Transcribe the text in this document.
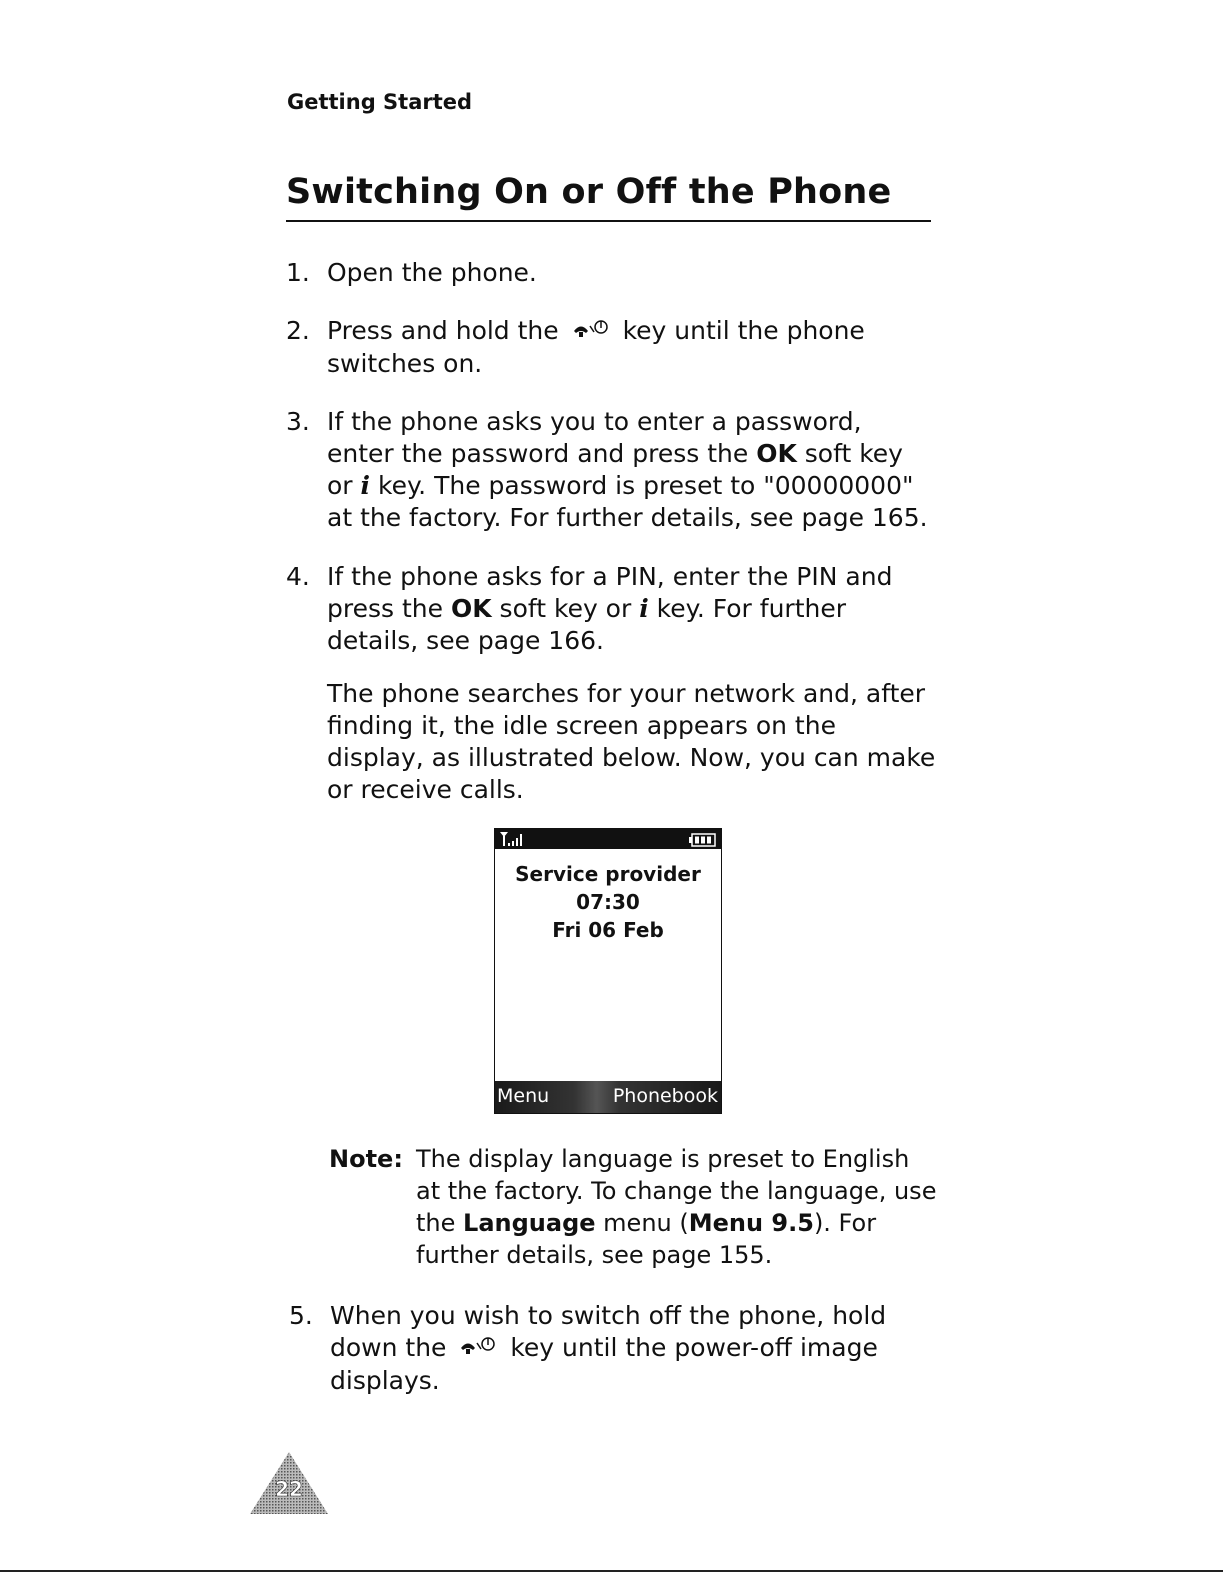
Getting Started
Switching On or Off the Phone
1. Open the phone.
2. Press and hold the	key until the phone switches on.
3. If the phone asks you to enter a password, enter the password and press the OK soft key or i key. The password is preset to "00000000" at the factory. For further details, see page 165.
4. If the phone asks for a PIN, enter the PIN and press the OK soft key or i key. For further details, see page 166.
The phone searches for your network and, after finding it, the idle screen appears on the display, as illustrated below. Now, you can make or receive calls.
Service provider
07:30
Fri 06 Feb
Menu	Phonebook
Note: The display language is preset to English at the factory. To change the language, use the Language menu (Menu 9.5). For further details, see page 155.
5. When you wish to switch off the phone, hold down the	key until the power-off image displays.
22
